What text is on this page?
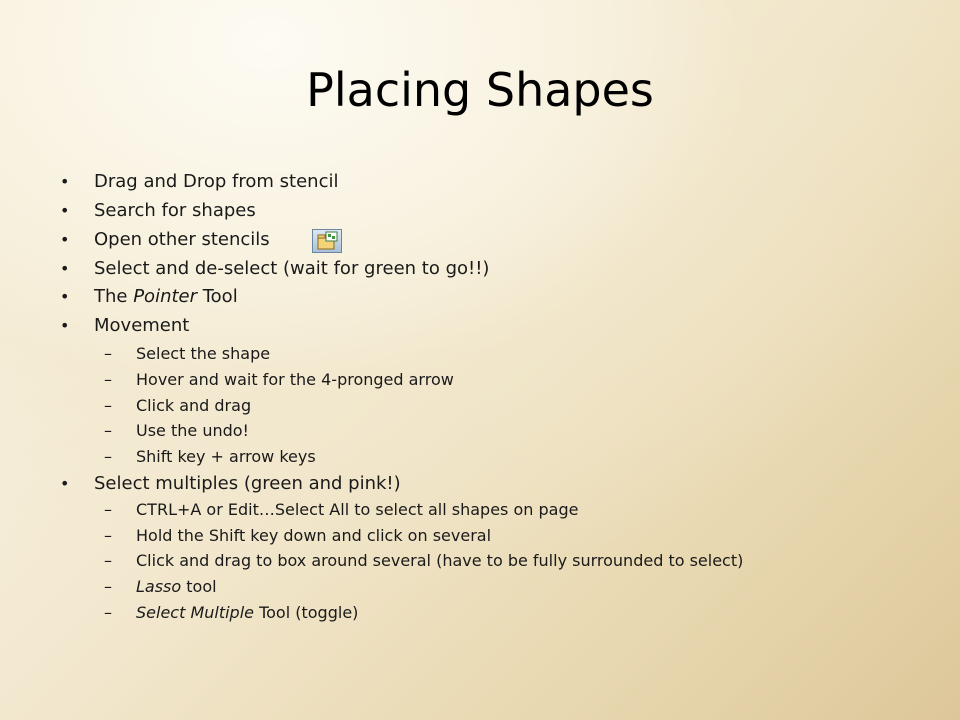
Placing Shapes
•	Drag and Drop from stencil
•	Search for shapes
•	Open other stencils
•	Select and de-select (wait for green to go!!)
•	The Pointer Tool
•	Movement
– Select the shape
– Hover and wait for the 4-pronged arrow
– Click and drag
– Use the undo!
– Shift key + arrow keys
•	Select multiples (green and pink!)
– CTRL+A or Edit…Select All to select all shapes on page
– Hold the Shift key down and click on several
– Click and drag to box around several (have to be fully surrounded to select)
– Lasso tool
– Select Multiple Tool (toggle)
